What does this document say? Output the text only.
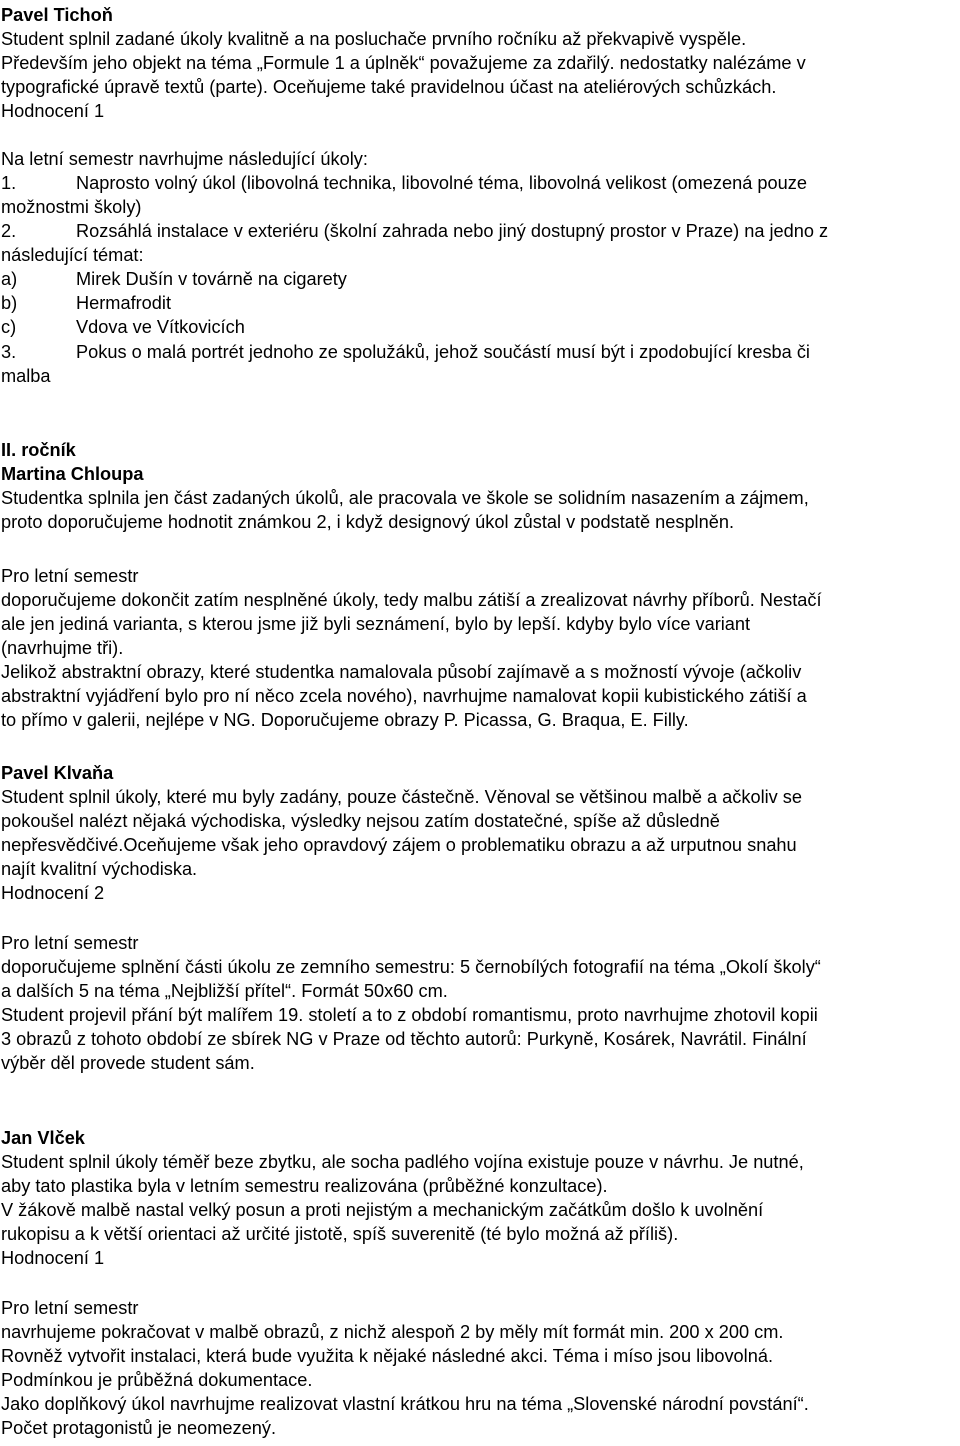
Pavel Tichoň
Student splnil zadané úkoly kvalitně a na posluchače prvního ročníku až překvapivě vyspěle.
Především jeho objekt na téma „Formule 1 a úplněk“ považujeme za zdařilý. nedostatky nalézáme v
typografické úpravě textů (parte). Oceňujeme také pravidelnou účast na ateliérových schůzkách.
Hodnocení 1
Na letní semestr navrhujme následující úkoly:
1.	Naprosto volný úkol (libovolná technika, libovolné téma, libovolná velikost (omezená pouze
možnostmi školy)
2.	Rozsáhlá instalace v exteriéru (školní zahrada nebo jiný dostupný prostor v Praze) na jedno z
následující témat:
a)	Mirek Dušín v továrně na cigarety
b)	Hermafrodit
c)	Vdova ve Vítkovicích
3.	Pokus o malá portrét jednoho ze spolužáků, jehož součástí musí být i zpodobující kresba či
malba
II. ročník
Martina Chloupa
Studentka splnila jen část zadaných úkolů, ale pracovala ve škole se solidním nasazením a zájmem,
proto doporučujeme hodnotit známkou 2, i když designový úkol zůstal v podstatě nesplněn.
Pro letní semestr
doporučujeme dokončit zatím nesplněné úkoly, tedy malbu zátiší a zrealizovat návrhy příborů. Nestačí
ale jen jediná varianta, s kterou jsme již byli seznámení, bylo by lepší. kdyby bylo více variant
(navrhujme tři).
Jelikož abstraktní obrazy, které studentka namalovala působí zajímavě a s možností vývoje (ačkoliv
abstraktní vyjádření bylo pro ní něco zcela nového), navrhujme namalovat kopii kubistického zátiší a
to přímo v galerii, nejlépe v NG. Doporučujeme obrazy P. Picassa, G. Braqua, E. Filly.
Pavel Klvaňa
Student splnil úkoly, které mu byly zadány, pouze částečně. Věnoval se většinou malbě a ačkoliv se
pokoušel nalézt nějaká východiska, výsledky nejsou zatím dostatečné, spíše až důsledně
nepřesvědčivé.Oceňujeme však jeho opravdový zájem o problematiku obrazu a až urputnou snahu
najít kvalitní východiska.
Hodnocení 2
Pro letní semestr
doporučujeme splnění části úkolu ze zemního semestru: 5 černobílých fotografií na téma „Okolí školy“
a dalších 5 na téma „Nejbližší přítel“. Formát 50x60 cm.
Student projevil přání být malířem 19. století a to z období romantismu, proto navrhujme zhotovil kopii
3 obrazů z tohoto období ze sbírek NG v Praze od těchto autorů: Purkyně, Kosárek, Navrátil. Finální
výběr děl provede student sám.
Jan Vlček
Student splnil úkoly téměř beze zbytku, ale socha padlého vojína existuje pouze v návrhu. Je nutné,
aby tato plastika byla v letním semestru realizována (průběžné konzultace).
V žákově malbě nastal velký posun a proti nejistým a mechanickým začátkům došlo k uvolnění
rukopisu a k větší orientaci až určité jistotě, spíš suverenitě (té bylo možná až příliš).
Hodnocení 1
Pro letní semestr
navrhujeme pokračovat v malbě obrazů, z nichž alespoň 2 by měly mít formát min. 200 x 200 cm.
Rovněž vytvořit instalaci, která bude využita k nějaké následné akci. Téma i míso jsou libovolná.
Podmínkou je průběžná dokumentace.
Jako doplňkový úkol navrhujme realizovat vlastní krátkou hru na téma „Slovenské národní povstání“.
Počet protagonistů je neomezený.
